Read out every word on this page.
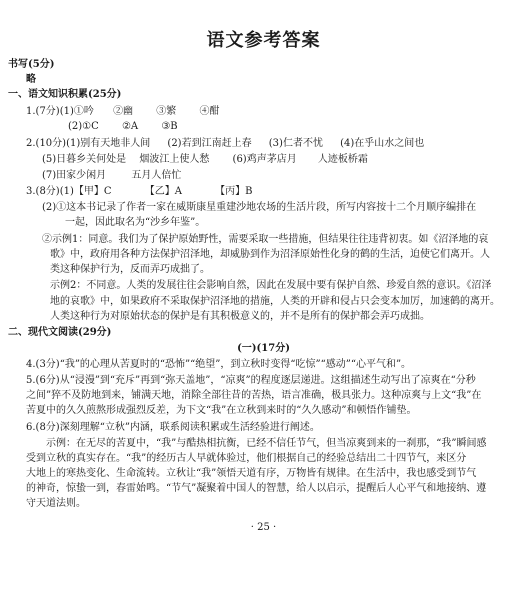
语文参考答案
书写(5分)
略
一、语文知识积累(25分)
1.(7分)(1)①吟 ②幽 ③繁 ④酣
(2)①C ②A ③B
2.(10分)(1)别有天地非人间 (2)若到江南赶上春 (3)仁者不忧 (4)在乎山水之间也
(5)日暮乡关何处是 烟波江上使人愁 (6)鸡声茅店月 人迹板桥霜
(7)田家少闲月	五月人倍忙
3.(8分)(1)【甲】C	【乙】A	【丙】B
(2)①这本书记录了作者一家在威斯康星重建沙地农场的生活片段，所写内容按十二个月顺序编排在
一起，因此取名为“沙乡年鉴”。
②示例1：同意。我们为了保护原始野性，需要采取一些措施，但结果往往违背初衷。如《沼泽地的哀
歌》中，政府用各种方法保护沼泽地，却威胁到作为沼泽原始性化身的鹤的生活，迫使它们离开。人
类这种保护行为，反而弄巧成拙了。
示例2：不同意。人类的发展往往会影响自然，因此在发展中要有保护自然、珍爱自然的意识。《沼泽
地的哀歌》中，如果政府不采取保护沼泽地的措施，人类的开辟和侵占只会变本加厉，加速鹤的离开。
人类这种行为对原始状态的保护是有其积极意义的，并不是所有的保护都会弄巧成拙。
二、现代文阅读(29分)
(一)(17分)
4.(3分)“我”的心理从苦夏时的“恐怖”“绝望”，到立秋时变得“吃惊”“感动”“心平气和”。
5.(6分)从“浸漫”到“充斥”再到“弥天盖地”，“凉爽”的程度逐层递进。这组描述生动写出了凉爽在“分秒
之间”猝不及防地到来，铺满天地，消除全部往昔的苦热，语言准确，极具张力。这种凉爽与上文“我”在
苦夏中的久久煎熬形成强烈反差，为下文“我”在立秋到来时的“久久感动”和顿悟作铺垫。
6.(8分)深刻理解“立秋”内涵，联系阅读积累或生活经验进行阐述。
示例：在无尽的苦夏中，“我”与酷热相抗衡，已经不信任节气，但当凉爽到来的一刹那，“我”瞬间感
受到立秋的真实存在。“我”的经历古人早就体验过，他们根据自己的经验总结出二十四节气，来区分
大地上的寒热变化、生命流转。立秋让“我”领悟天道有序，万物皆有规律。在生活中，我也感受到节气
的神奇，惊蛰一到，春雷始鸣。“节气”凝聚着中国人的智慧，给人以启示，提醒后人心平气和地接纳、遵
守天道法则。
· 25 ·
